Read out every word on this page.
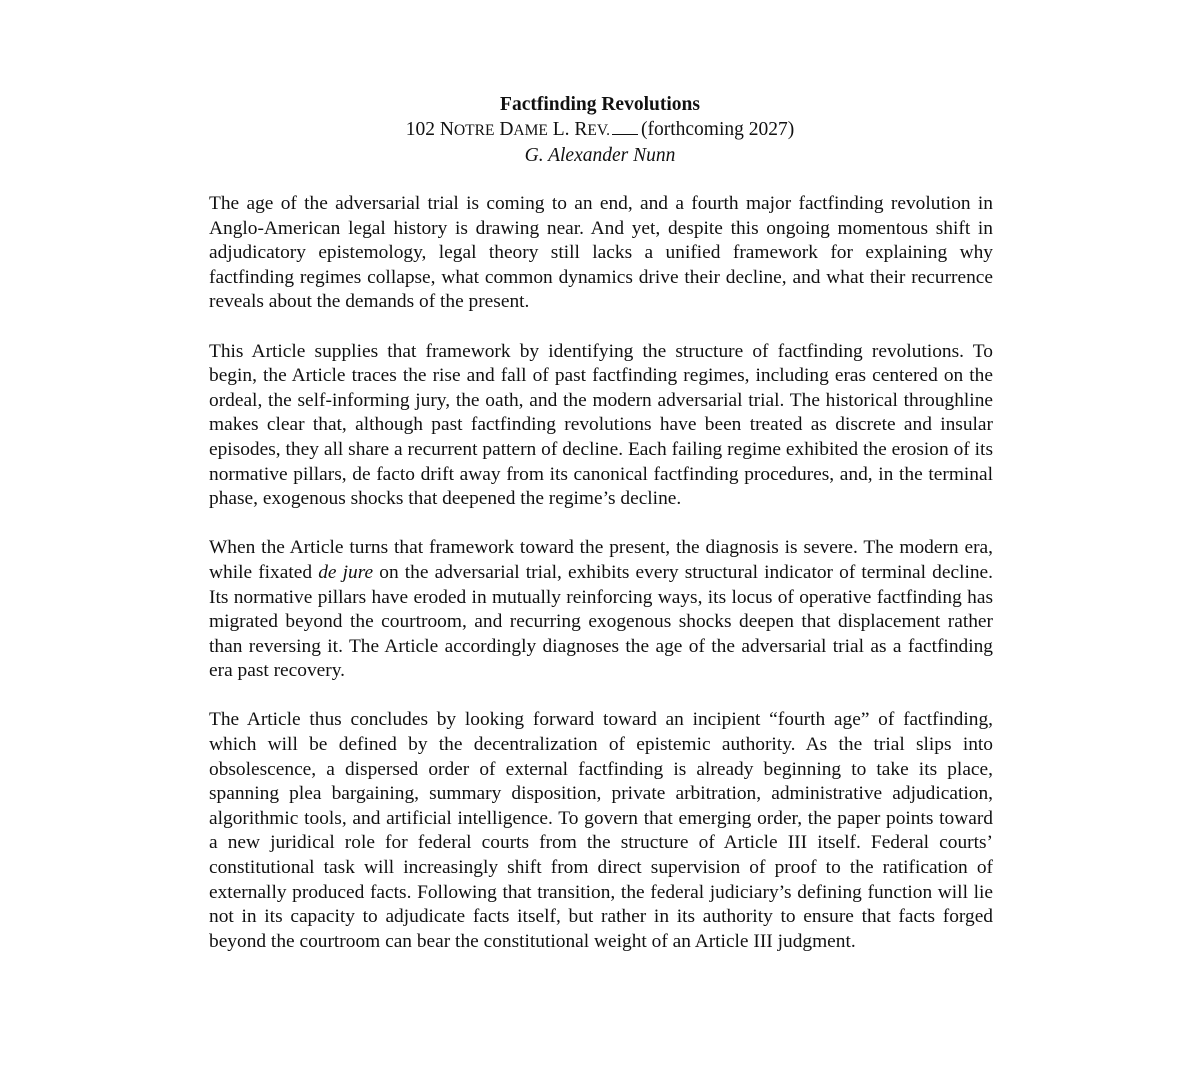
Factfinding Revolutions
102 NOTRE DAME L. REV. (forthcoming 2027)
G. Alexander Nunn

The age of the adversarial trial is coming to an end, and a fourth major factfinding revolution in Anglo-American legal history is drawing near. And yet, despite this ongoing momentous shift in adjudicatory epistemology, legal theory still lacks a unified framework for explaining why factfinding regimes collapse, what common dynamics drive their decline, and what their recurrence reveals about the demands of the present.

This Article supplies that framework by identifying the structure of factfinding revolutions. To begin, the Article traces the rise and fall of past factfinding regimes, including eras centered on the ordeal, the self-informing jury, the oath, and the modern adversarial trial. The historical throughline makes clear that, although past factfinding revolutions have been treated as discrete and insular episodes, they all share a recurrent pattern of decline. Each failing regime exhibited the erosion of its normative pillars, de facto drift away from its canonical factfinding procedures, and, in the terminal phase, exogenous shocks that deepened the regime’s decline.

When the Article turns that framework toward the present, the diagnosis is severe. The modern era, while fixated de jure on the adversarial trial, exhibits every structural indicator of terminal decline. Its normative pillars have eroded in mutually reinforcing ways, its locus of operative factfinding has migrated beyond the courtroom, and recurring exogenous shocks deepen that displacement rather than reversing it. The Article accordingly diagnoses the age of the adversarial trial as a factfinding era past recovery.

The Article thus concludes by looking forward toward an incipient “fourth age” of factfinding, which will be defined by the decentralization of epistemic authority. As the trial slips into obsolescence, a dispersed order of external factfinding is already beginning to take its place, spanning plea bargaining, summary disposition, private arbitration, administrative adjudication, algorithmic tools, and artificial intelligence. To govern that emerging order, the paper points toward a new juridical role for federal courts from the structure of Article III itself. Federal courts’ constitutional task will increasingly shift from direct supervision of proof to the ratification of externally produced facts. Following that transition, the federal judiciary’s defining function will lie not in its capacity to adjudicate facts itself, but rather in its authority to ensure that facts forged beyond the courtroom can bear the constitutional weight of an Article III judgment.
